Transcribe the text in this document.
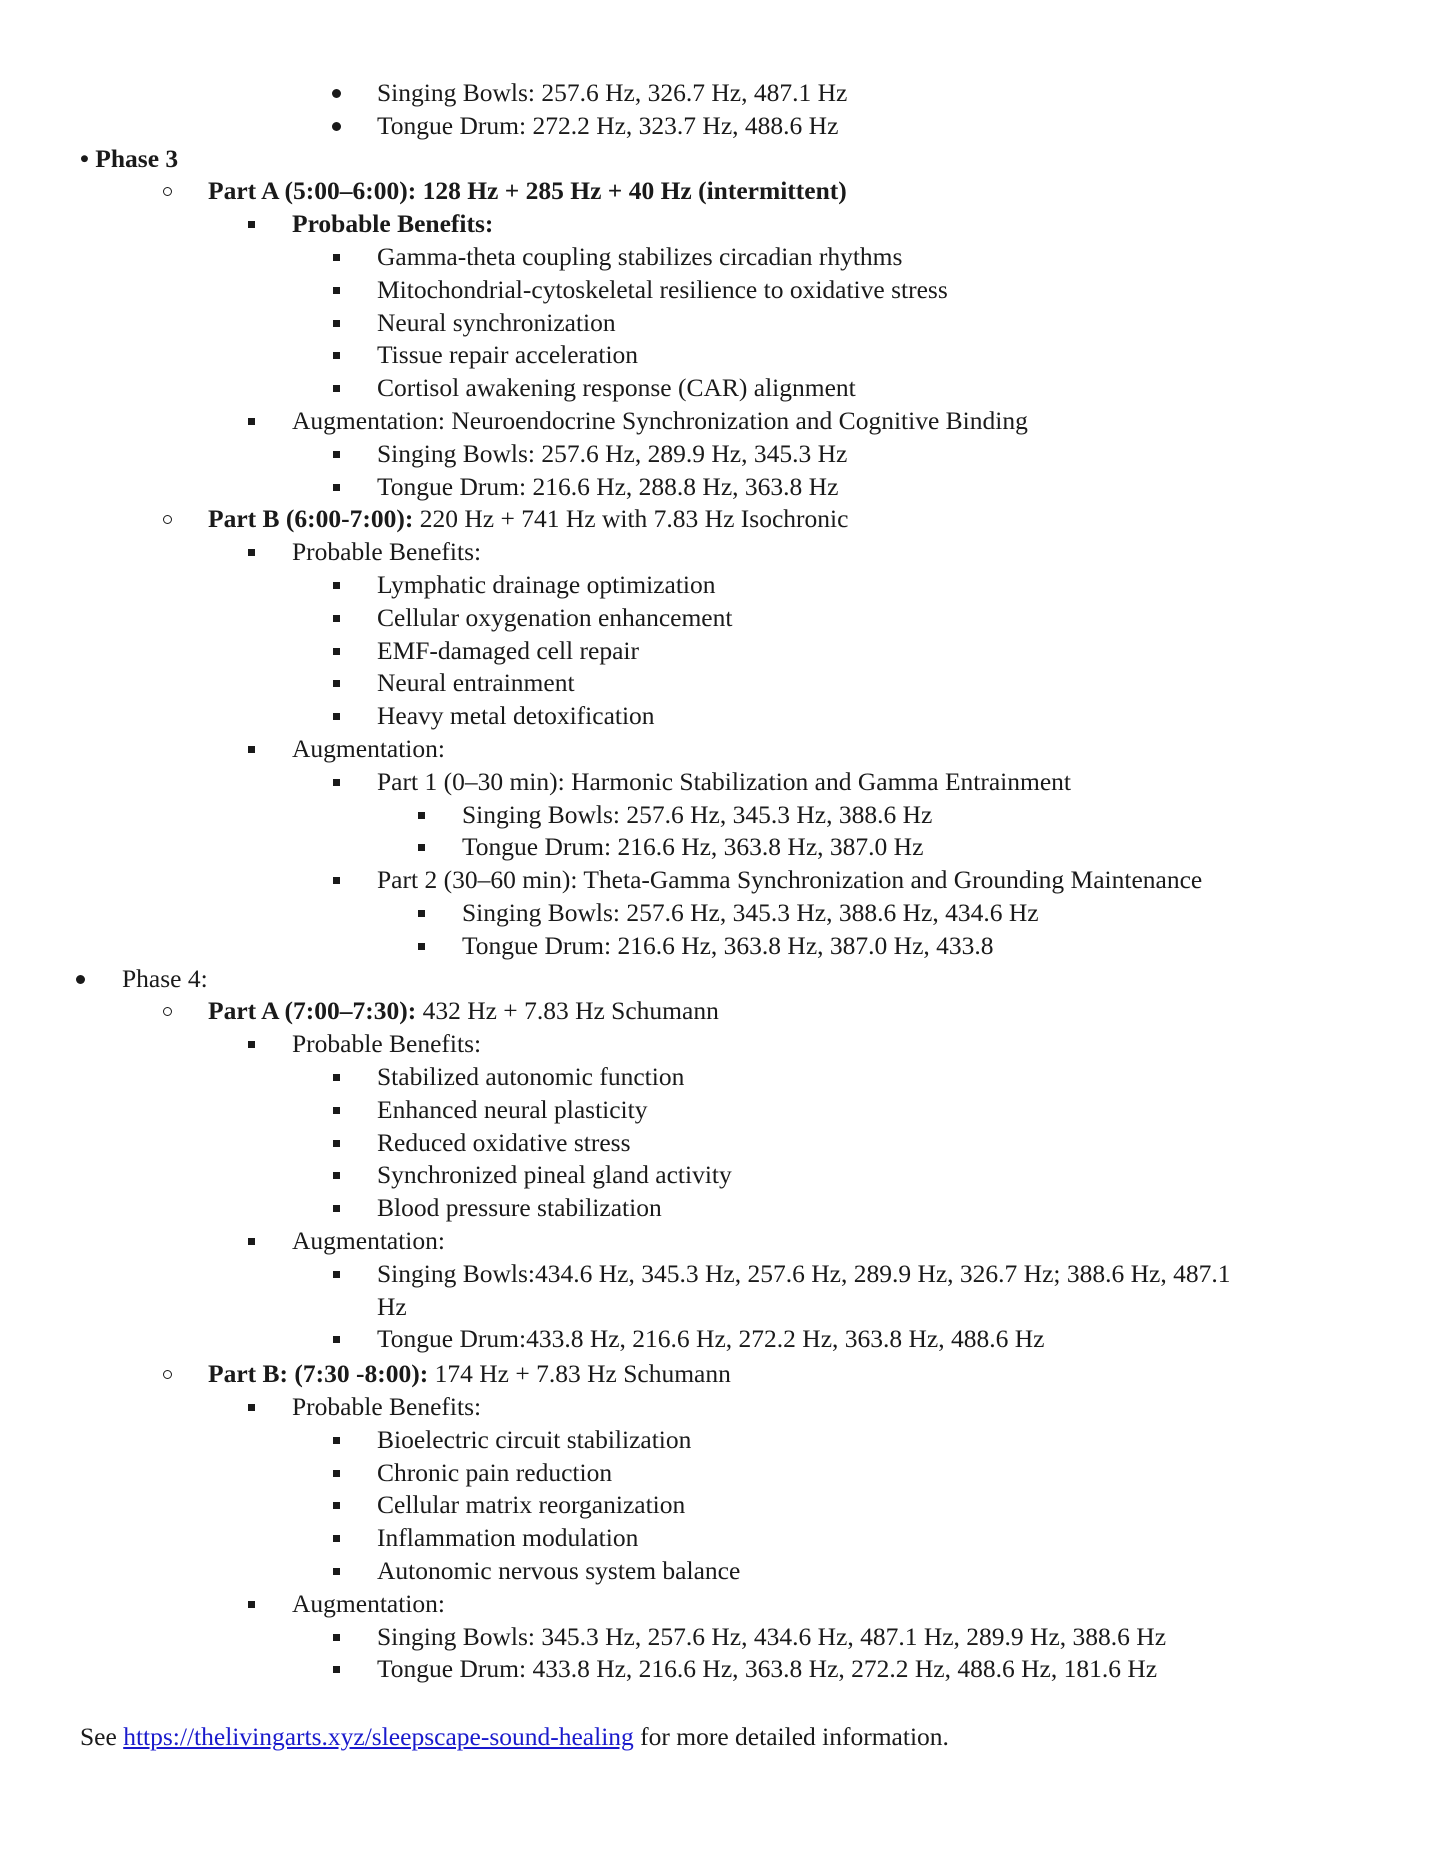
Singing Bowls: 257.6 Hz, 326.7 Hz, 487.1 Hz
Tongue Drum: 272.2 Hz, 323.7 Hz, 488.6 Hz
• Phase 3
Part A (5:00–6:00): 128 Hz + 285 Hz + 40 Hz (intermittent)
Probable Benefits:
Gamma-theta coupling stabilizes circadian rhythms
Mitochondrial-cytoskeletal resilience to oxidative stress
Neural synchronization
Tissue repair acceleration
Cortisol awakening response (CAR) alignment
Augmentation: Neuroendocrine Synchronization and Cognitive Binding
Singing Bowls: 257.6 Hz, 289.9 Hz, 345.3 Hz
Tongue Drum: 216.6 Hz, 288.8 Hz, 363.8 Hz
Part B (6:00-7:00): 220 Hz + 741 Hz with 7.83 Hz Isochronic
Probable Benefits:
Lymphatic drainage optimization
Cellular oxygenation enhancement
EMF-damaged cell repair
Neural entrainment
Heavy metal detoxification
Augmentation:
Part 1 (0–30 min): Harmonic Stabilization and Gamma Entrainment
Singing Bowls: 257.6 Hz, 345.3 Hz, 388.6 Hz
Tongue Drum: 216.6 Hz, 363.8 Hz, 387.0 Hz
Part 2 (30–60 min): Theta-Gamma Synchronization and Grounding Maintenance
Singing Bowls: 257.6 Hz, 345.3 Hz, 388.6 Hz, 434.6 Hz
Tongue Drum: 216.6 Hz, 363.8 Hz, 387.0 Hz, 433.8
Phase 4:
Part A (7:00–7:30): 432 Hz + 7.83 Hz Schumann
Probable Benefits:
Stabilized autonomic function
Enhanced neural plasticity
Reduced oxidative stress
Synchronized pineal gland activity
Blood pressure stabilization
Augmentation:
Singing Bowls:434.6 Hz, 345.3 Hz, 257.6 Hz, 289.9 Hz, 326.7 Hz; 388.6 Hz, 487.1
Hz
Tongue Drum:433.8 Hz, 216.6 Hz, 272.2 Hz, 363.8 Hz, 488.6 Hz
Part B: (7:30 -8:00): 174 Hz + 7.83 Hz Schumann
Probable Benefits:
Bioelectric circuit stabilization
Chronic pain reduction
Cellular matrix reorganization
Inflammation modulation
Autonomic nervous system balance
Augmentation:
Singing Bowls: 345.3 Hz, 257.6 Hz, 434.6 Hz, 487.1 Hz, 289.9 Hz, 388.6 Hz
Tongue Drum: 433.8 Hz, 216.6 Hz, 363.8 Hz, 272.2 Hz, 488.6 Hz, 181.6 Hz
See https://thelivingarts.xyz/sleepscape-sound-healing for more detailed information.
